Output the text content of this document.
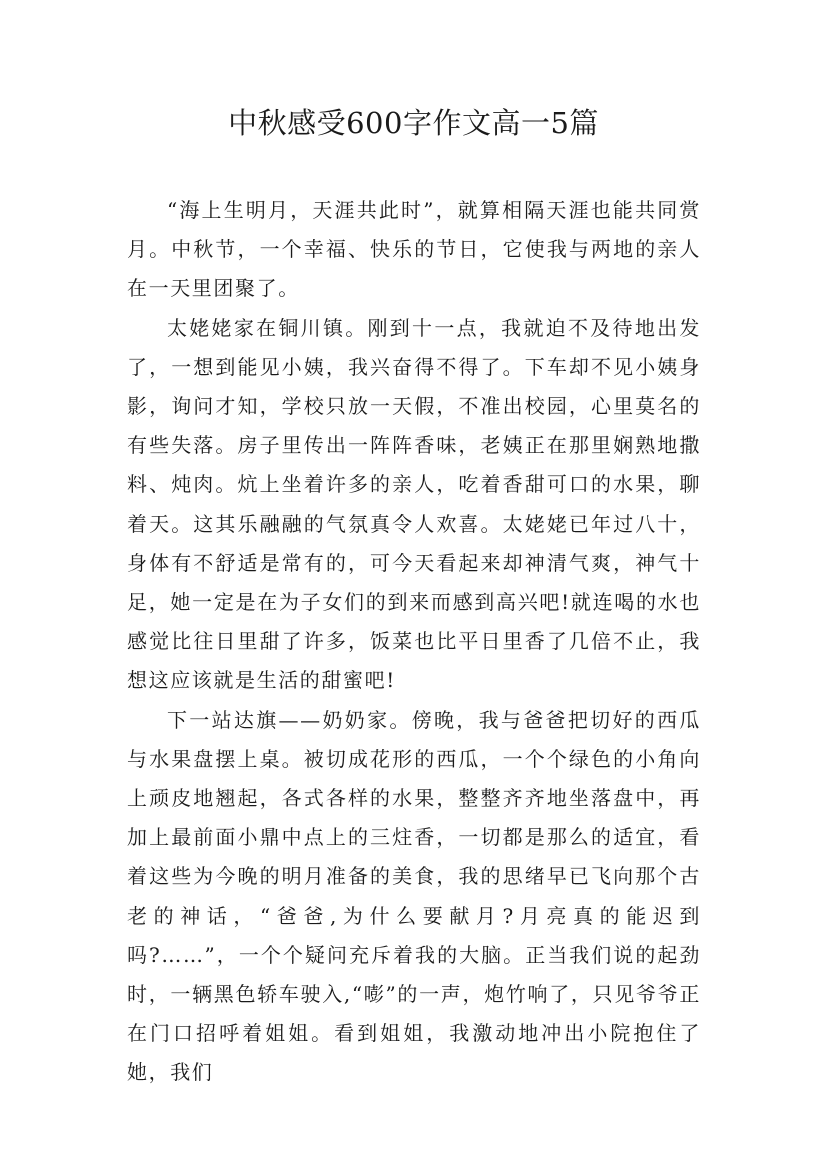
中秋感受600字作文高一5篇

“海上生明月，天涯共此时”，就算相隔天涯也能共同赏月。中秋节，一个幸福、快乐的节日，它使我与两地的亲人在一天里团聚了。

太姥姥家在铜川镇。刚到十一点，我就迫不及待地出发了，一想到能见小姨，我兴奋得不得了。下车却不见小姨身影，询问才知，学校只放一天假，不准出校园，心里莫名的有些失落。房子里传出一阵阵香味，老姨正在那里娴熟地撒料、炖肉。炕上坐着许多的亲人，吃着香甜可口的水果，聊着天。这其乐融融的气氛真令人欢喜。太姥姥已年过八十，身体有不舒适是常有的，可今天看起来却神清气爽，神气十足，她一定是在为子女们的到来而感到高兴吧!就连喝的水也感觉比往日里甜了许多，饭菜也比平日里香了几倍不止，我想这应该就是生活的甜蜜吧!

下一站达旗——奶奶家。傍晚，我与爸爸把切好的西瓜与水果盘摆上桌。被切成花形的西瓜，一个个绿色的小角向上顽皮地翘起，各式各样的水果，整整齐齐地坐落盘中，再加上最前面小鼎中点上的三炷香，一切都是那么的适宜，看着这些为今晚的明月准备的美食，我的思绪早已飞向那个古老的神话，“爸爸,为什么要献月?月亮真的能迟到吗?……”，一个个疑问充斥着我的大脑。正当我们说的起劲时，一辆黑色轿车驶入,“嘭”的一声，炮竹响了，只见爷爷正在门口招呼着姐姐。看到姐姐，我激动地冲出小院抱住了她，我们
